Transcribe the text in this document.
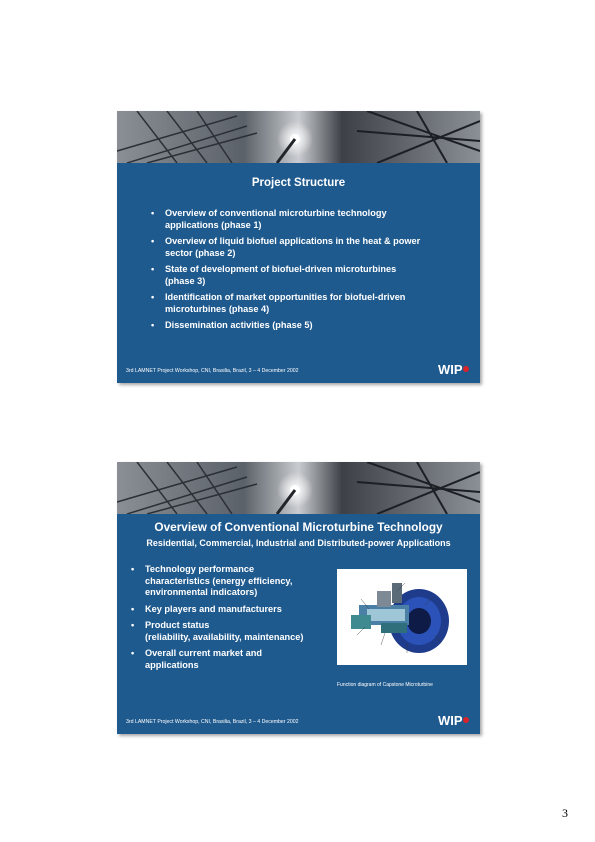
Project Structure
• Overview of conventional microturbine technology
applications (phase 1)
• Overview of liquid biofuel applications in the heat & power
sector (phase 2)
• State of development of biofuel-driven microturbines
(phase 3)
• Identification of market opportunities for biofuel-driven
microturbines (phase 4)
• Dissemination activities (phase 5)
3rd LAMNET Project Workshop, CNI, Brasilia, Brazil, 3 – 4 December 2002	WIP
Overview of Conventional Microturbine Technology
Residential, Commercial, Industrial and Distributed-power Applications
• Technology performance
characteristics (energy efficiency,
environmental indicators)
• Key players and manufacturers
• Product status
(reliability, availability, maintenance)
• Overall current market and
applications
Function diagram of Capstone Microturbine
3rd LAMNET Project Workshop, CNI, Brasilia, Brazil, 3 – 4 December 2002	WIP
3
